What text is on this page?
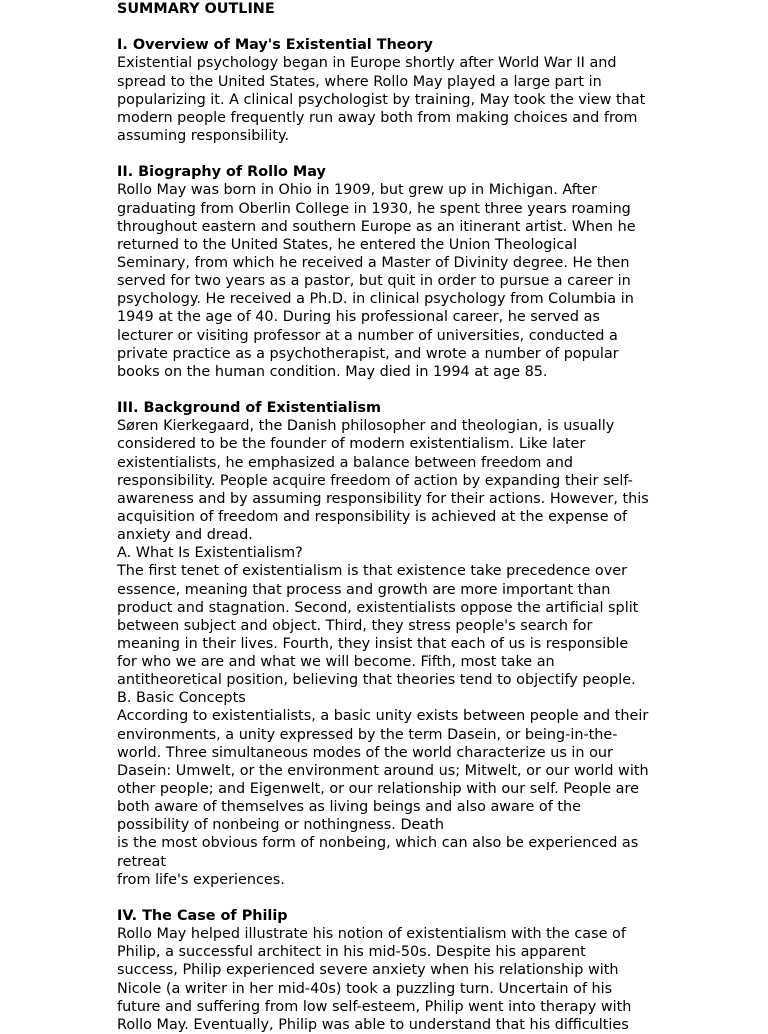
SUMMARY OUTLINE
I. Overview of May's Existential Theory
Existential psychology began in Europe shortly after World War II and
spread to the United States, where Rollo May played a large part in
popularizing it. A clinical psychologist by training, May took the view that
modern people frequently run away both from making choices and from
assuming responsibility.
II. Biography of Rollo May
Rollo May was born in Ohio in 1909, but grew up in Michigan. After
graduating from Oberlin College in 1930, he spent three years roaming
throughout eastern and southern Europe as an itinerant artist. When he
returned to the United States, he entered the Union Theological
Seminary, from which he received a Master of Divinity degree. He then
served for two years as a pastor, but quit in order to pursue a career in
psychology. He received a Ph.D. in clinical psychology from Columbia in
1949 at the age of 40. During his professional career, he served as
lecturer or visiting professor at a number of universities, conducted a
private practice as a psychotherapist, and wrote a number of popular
books on the human condition. May died in 1994 at age 85.
III. Background of Existentialism
Søren Kierkegaard, the Danish philosopher and theologian, is usually
considered to be the founder of modern existentialism. Like later
existentialists, he emphasized a balance between freedom and
responsibility. People acquire freedom of action by expanding their self-
awareness and by assuming responsibility for their actions. However, this
acquisition of freedom and responsibility is achieved at the expense of
anxiety and dread.
A. What Is Existentialism?
The first tenet of existentialism is that existence take precedence over
essence, meaning that process and growth are more important than
product and stagnation. Second, existentialists oppose the artificial split
between subject and object. Third, they stress people's search for
meaning in their lives. Fourth, they insist that each of us is responsible
for who we are and what we will become. Fifth, most take an
antitheoretical position, believing that theories tend to objectify people.
B. Basic Concepts
According to existentialists, a basic unity exists between people and their
environments, a unity expressed by the term Dasein, or being-in-the-
world. Three simultaneous modes of the world characterize us in our
Dasein: Umwelt, or the environment around us; Mitwelt, or our world with
other people; and Eigenwelt, or our relationship with our self. People are
both aware of themselves as living beings and also aware of the
possibility of nonbeing or nothingness. Death
is the most obvious form of nonbeing, which can also be experienced as
retreat
from life's experiences.
IV. The Case of Philip
Rollo May helped illustrate his notion of existentialism with the case of
Philip, a successful architect in his mid-50s. Despite his apparent
success, Philip experienced severe anxiety when his relationship with
Nicole (a writer in her mid-40s) took a puzzling turn. Uncertain of his
future and suffering from low self-esteem, Philip went into therapy with
Rollo May. Eventually, Philip was able to understand that his difficulties
